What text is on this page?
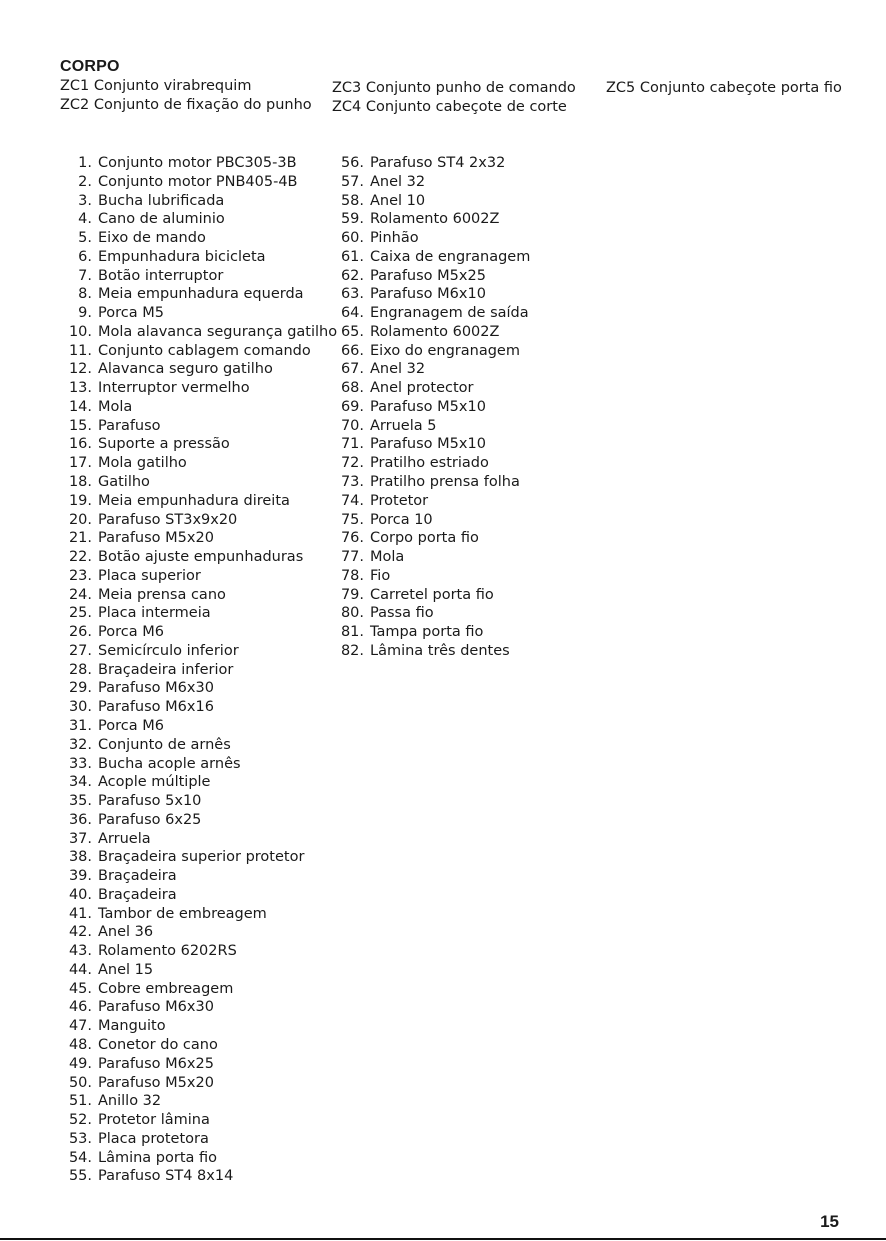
CORPO
ZC1 Conjunto virabrequim
ZC2 Conjunto de fixação do punho
ZC3 Conjunto punho de comando
ZC4 Conjunto cabeçote de corte
ZC5 Conjunto cabeçote porta fio
1. Conjunto motor PBC305-3B
2. Conjunto motor PNB405-4B
3. Bucha lubrificada
4. Cano de aluminio
5. Eixo de mando
6. Empunhadura bicicleta
7. Botão interruptor
8. Meia empunhadura equerda
9. Porca M5
10. Mola alavanca segurança gatilho
11. Conjunto cablagem comando
12. Alavanca seguro gatilho
13. Interruptor vermelho
14. Mola
15. Parafuso
16. Suporte a pressão
17. Mola gatilho
18. Gatilho
19. Meia empunhadura direita
20. Parafuso ST3x9x20
21. Parafuso M5x20
22. Botão ajuste empunhaduras
23. Placa superior
24. Meia prensa cano
25. Placa intermeia
26. Porca M6
27. Semicírculo inferior
28. Braçadeira inferior
29. Parafuso M6x30
30. Parafuso M6x16
31. Porca M6
32. Conjunto de arnês
33. Bucha acople arnês
34. Acople múltiple
35. Parafuso 5x10
36. Parafuso 6x25
37. Arruela
38. Braçadeira superior protetor
39. Braçadeira
40. Braçadeira
41. Tambor de embreagem
42. Anel 36
43. Rolamento 6202RS
44. Anel 15
45. Cobre embreagem
46. Parafuso M6x30
47. Manguito
48. Conetor do cano
49. Parafuso M6x25
50. Parafuso M5x20
51. Anillo 32
52. Protetor lâmina
53. Placa protetora
54. Lâmina porta fio
55. Parafuso ST4 8x14
56. Parafuso ST4 2x32
57. Anel 32
58. Anel 10
59. Rolamento 6002Z
60. Pinhão
61. Caixa de engranagem
62. Parafuso M5x25
63. Parafuso M6x10
64. Engranagem de saída
65. Rolamento 6002Z
66. Eixo do engranagem
67. Anel 32
68. Anel protector
69. Parafuso M5x10
70. Arruela 5
71. Parafuso M5x10
72. Pratilho estriado
73. Pratilho prensa folha
74. Protetor
75. Porca 10
76. Corpo porta fio
77. Mola
78. Fio
79. Carretel porta fio
80. Passa fio
81. Tampa porta fio
82. Lâmina três dentes
15
